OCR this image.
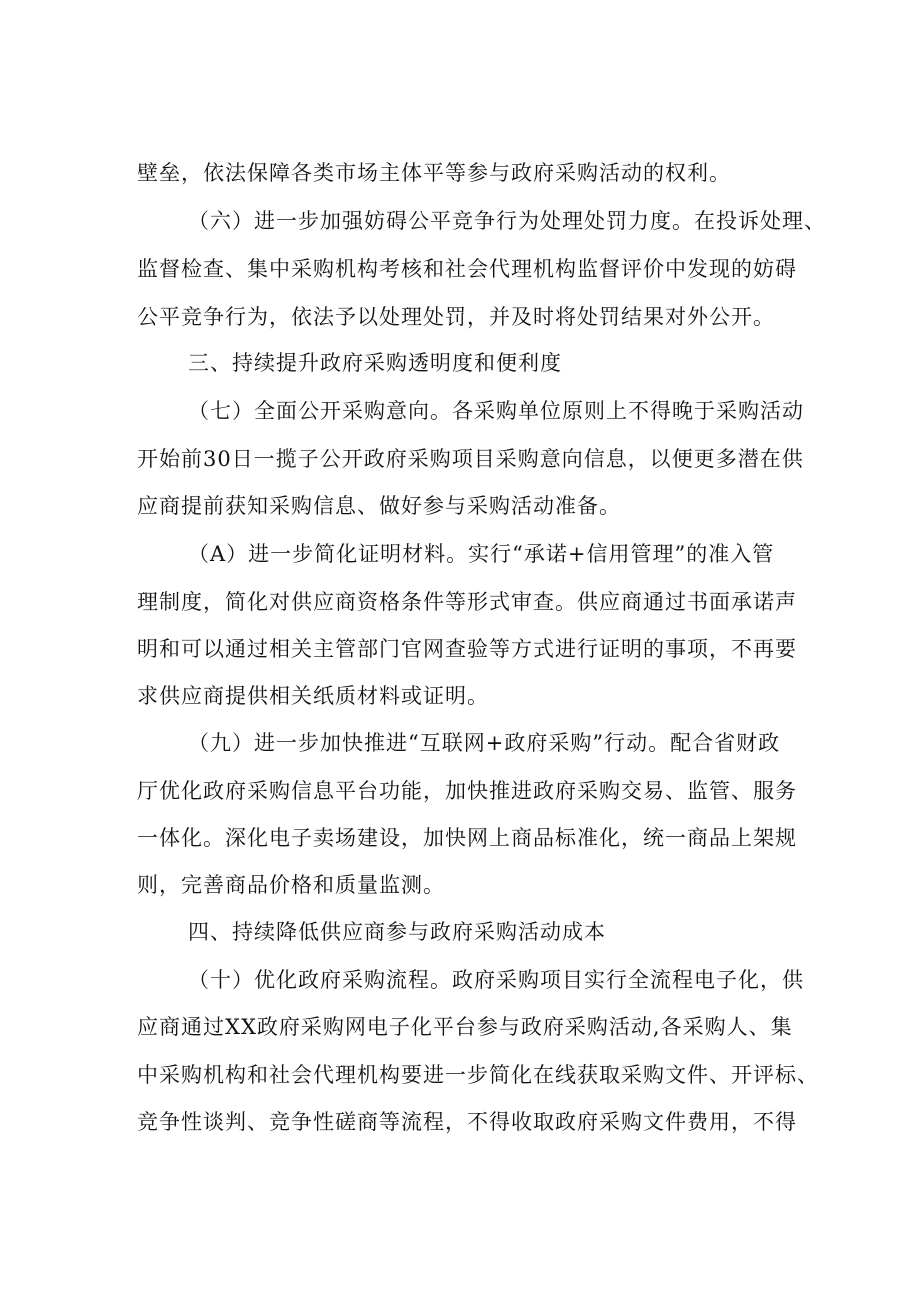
壁垒，依法保障各类市场主体平等参与政府采购活动的权利。

（六）进一步加强妨碍公平竞争行为处理处罚力度。在投诉处理、

监督检查、集中采购机构考核和社会代理机构监督评价中发现的妨碍

公平竞争行为，依法予以处理处罚，并及时将处罚结果对外公开。

三、持续提升政府采购透明度和便利度

（七）全面公开采购意向。各采购单位原则上不得晚于采购活动

开始前30日一揽子公开政府采购项目采购意向信息，以便更多潜在供

应商提前获知采购信息、做好参与采购活动准备。

（A）进一步简化证明材料。实行“承诺+信用管理”的准入管

理制度，简化对供应商资格条件等形式审查。供应商通过书面承诺声

明和可以通过相关主管部门官网查验等方式进行证明的事项，不再要

求供应商提供相关纸质材料或证明。

（九）进一步加快推进“互联网+政府采购”行动。配合省财政

厅优化政府采购信息平台功能，加快推进政府采购交易、监管、服务

一体化。深化电子卖场建设，加快网上商品标准化，统一商品上架规

则，完善商品价格和质量监测。

四、持续降低供应商参与政府采购活动成本

（十）优化政府采购流程。政府采购项目实行全流程电子化，供

应商通过XX政府采购网电子化平台参与政府采购活动,各采购人、集

中采购机构和社会代理机构要进一步简化在线获取采购文件、开评标、

竞争性谈判、竞争性磋商等流程，不得收取政府采购文件费用，不得
